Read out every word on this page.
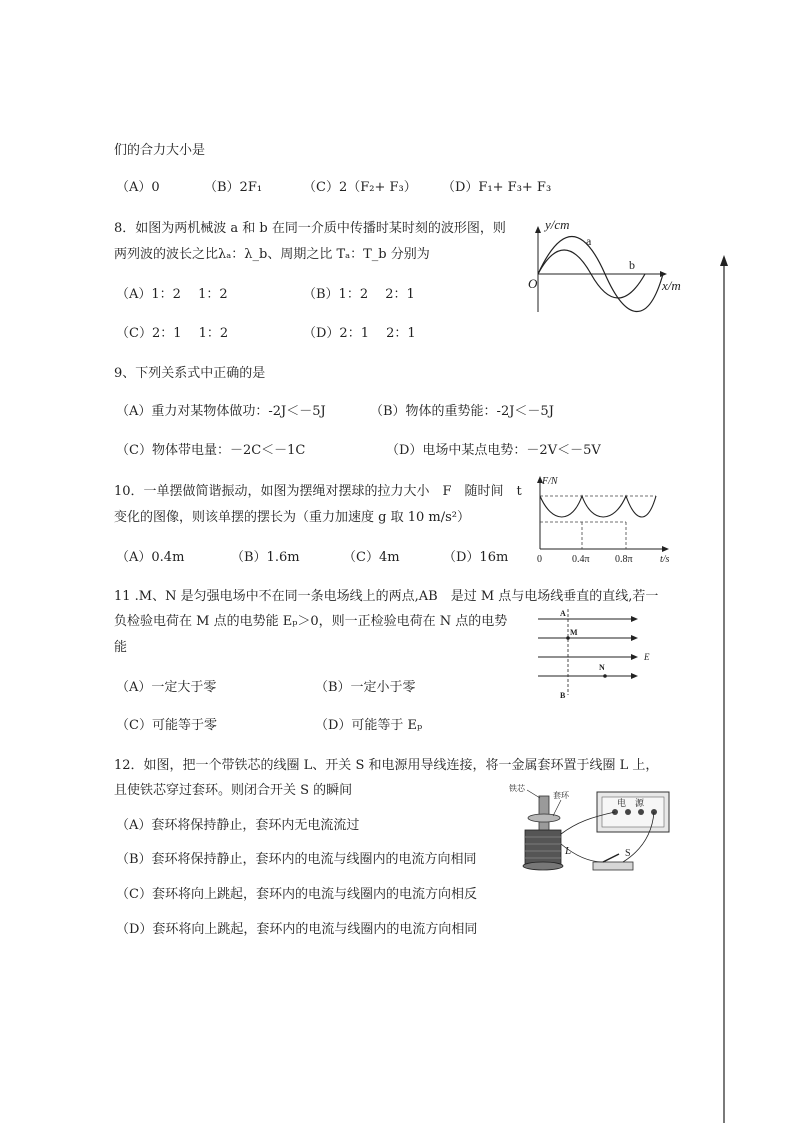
们的合力大小是
（A）0	（B）2F₁	（C）2（F₂+ F₃） （D）F₁+ F₃+ F₃
8．如图为两机械波 a 和 b 在同一介质中传播时某时刻的波形图，则
两列波的波长之比λₐ：λ_b、周期之比 Tₐ：T_b 分别为
（A）1：2　 1：2	（B）1：2　 2：1
（C）2：1　 1：2	（D）2：1　 2：1
y/cm
x/m
O
a
b
9、下列关系式中正确的是
（A）重力对某物体做功：-2J＜－5J	（B）物体的重势能：-2J＜－5J
（C）物体带电量：－2C＜－1C	（D）电场中某点电势：－2V＜－5V
10．一单摆做简谐振动，如图为摆绳对摆球的拉力大小　F　随时间　t
变化的图像，则该单摆的摆长为（重力加速度 g 取 10 m/s²）
（A）0.4m	（B）1.6m	（C）4m	（D）16m
F/N
t/s
0	0.4π	0.8π
11 .M、N 是匀强电场中不在同一条电场线上的两点,AB　是过 M 点与电场线垂直的直线,若一
负检验电荷在 M 点的电势能 Eₚ＞0，则一正检验电荷在 N 点的电势
能
（A）一定大于零	（B）一定小于零
（C）可能等于零	（D）可能等于 Eₚ
A
M
N
E
B
12．如图，把一个带铁芯的线圈 L、开关 S 和电源用导线连接，将一金属套环置于线圈 L 上，
且使铁芯穿过套环。则闭合开关 S 的瞬间
（A）套环将保持静止，套环内无电流流过
（B）套环将保持静止，套环内的电流与线圈内的电流方向相同
（C）套环将向上跳起，套环内的电流与线圈内的电流方向相反
（D）套环将向上跳起，套环内的电流与线圈内的电流方向相同
铁芯
套环
电　源
L	S
